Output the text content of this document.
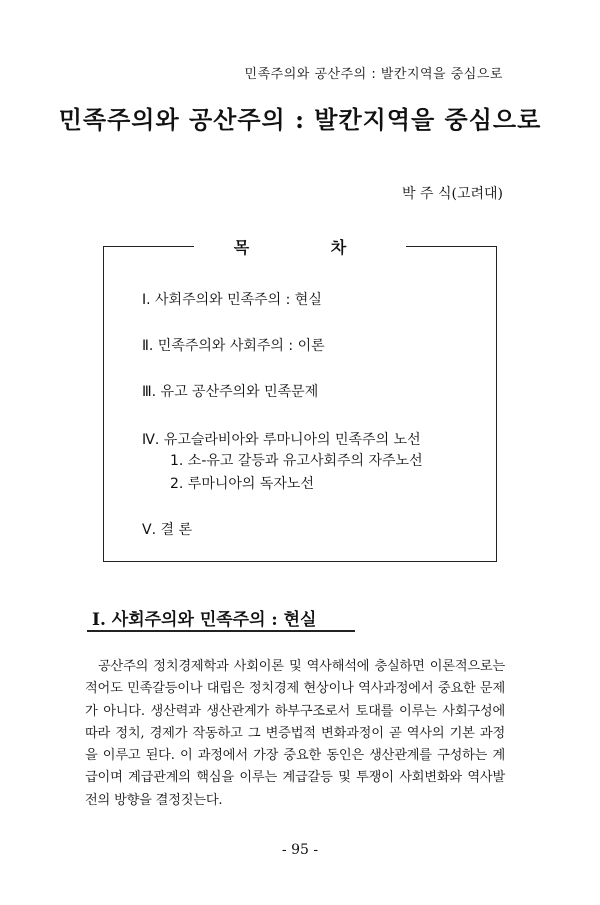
민족주의와 공산주의 : 발칸지역을 중심으로
민족주의와 공산주의 : 발칸지역을 중심으로
박 주 식(고려대)
목 차
Ⅰ. 사회주의와 민족주의 : 현실
Ⅱ. 민족주의와 사회주의 : 이론
Ⅲ. 유고 공산주의와 민족문제
Ⅳ. 유고슬라비아와 루마니아의 민족주의 노선
1. 소-유고 갈등과 유고사회주의 자주노선
2. 루마니아의 독자노선
Ⅴ. 결 론
I. 사회주의와 민족주의 : 현실
공산주의 정치경제학과 사회이론 및 역사해석에 충실하면 이론적으로는 적어도 민족갈등이나 대립은 정치경제 현상이나 역사과정에서 중요한 문제가 아니다. 생산력과 생산관계가 하부구조로서 토대를 이루는 사회구성에 따라 정치, 경제가 작동하고 그 변증법적 변화과정이 곧 역사의 기본 과정을 이루고 된다. 이 과정에서 가장 중요한 동인은 생산관계를 구성하는 계급이며 계급관계의 핵심을 이루는 계급갈등 및 투쟁이 사회변화와 역사발전의 방향을 결정짓는다.
- 95 -
